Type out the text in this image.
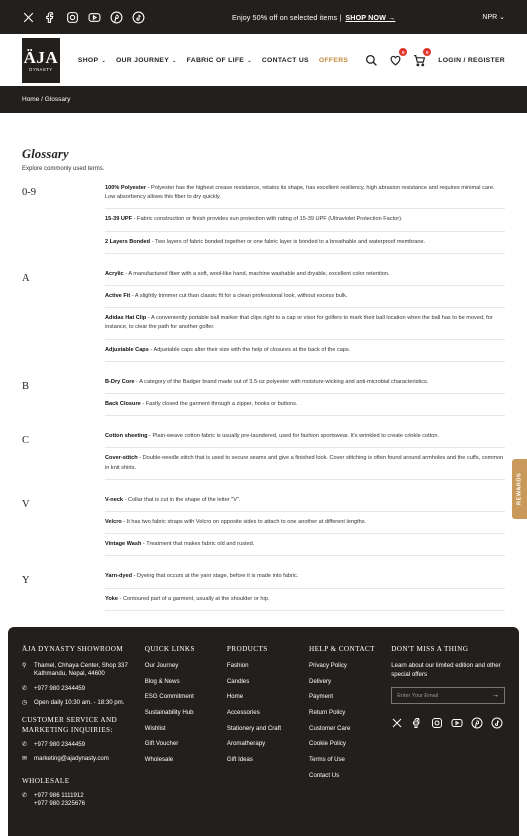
Enjoy 50% off on selected items | SHOP NOW →	NPR ⌄
ÄJA
DYNASTY
SHOP ⌄ OUR JOURNEY ⌄ FABRIC OF LIFE ⌄ CONTACT US OFFERS
0	0
LOGIN / REGISTER
Home / Glossary
Glossary

Explore commonly used terms.

0-9	100% Polyester - Polyester has the highest crease resistance, retains its shape, has excellent resiliency, high abrasion resistance and requires minimal care. Low absorbency allows this fiber to dry quickly.
15-39 UPF - Fabric construction or finish provides sun protection with rating of 15-39 UPF (Ultraviolet Protection Factor).
2 Layers Bonded - Two layers of fabric bonded together or one fabric layer is bonded to a breathable and waterproof membrane.
A	Acrylic - A manufactured fiber with a soft, wool-like hand, machine washable and dryable, excellent color retention.
Active Fit - A slightly trimmer cut than classic fit for a clean professional look, without excess bulk.
Adidas Hat Clip - A conveniently portable ball marker that clips right to a cap or visor for golfers to mark their ball location when the ball has to be moved, for instance, to clear the path for another golfer.
Adjustable Caps - Adjustable caps alter their size with the help of closures at the back of the caps.
B	B-Dry Core - A category of the Badger brand made out of 3.5-oz polyester with moisture-wicking and anti-microbial characteristics.
Back Closure - Fastly closed the garment through a zipper, hooks or buttons.
C	Cotton sheeting - Plain-weave cotton fabric is usually pre-laundered, used for fashion sportswear. It's wrinkled to create crinkle cotton.
Cover-stitch - Double-needle stitch that is used to secure seams and give a finished look. Cover stitching is often found around armholes and the cuffs, common in knit shirts.
V	V-neck - Collar that is cut in the shape of the letter "V".
Velcro - It has two fabric straps with Velcro on opposite sides to attach to one another at different lengths.
Vintage Wash - Treatment that makes fabric old and rusted.
Y	Yarn-dyed - Dyeing that occurs at the yarn stage, before it is made into fabric.
Yoke - Contoured part of a garment, usually at the shoulder or hip.
REWARDS
ÄJA DYNASTY SHOWROOM
⚲	Thamel, Chhaya Center, Shop 337 Kathmandu, Nepal, 44600
✆	+977 980 2344459
◷ Open daily 10:30 am. - 18:30 pm.
CUSTOMER SERVICE AND MARKETING INQUIRIES:
✆	+977 980 2344459
✉	marketing@ajadynasty.com
WHOLESALE
✆	+977 986 1111912
+977 980 2325676
QUICK LINKS
Our Journey
Blog & News
ESG Commitment
Sustainability Hub
Wishlist
Gift Voucher
Wholesale
PRODUCTS
Fashion
Candles
Home
Accessories
Stationery and Craft
Aromatherapy
Gift Ideas
HELP & CONTACT
Privacy Policy
Delivery
Payment
Return Policy
Customer Care
Cookie Policy
Terms of Use
Contact Us
DON'T MISS A THING
Learn about our limited edition and other special offers
Enter Your Email
→
